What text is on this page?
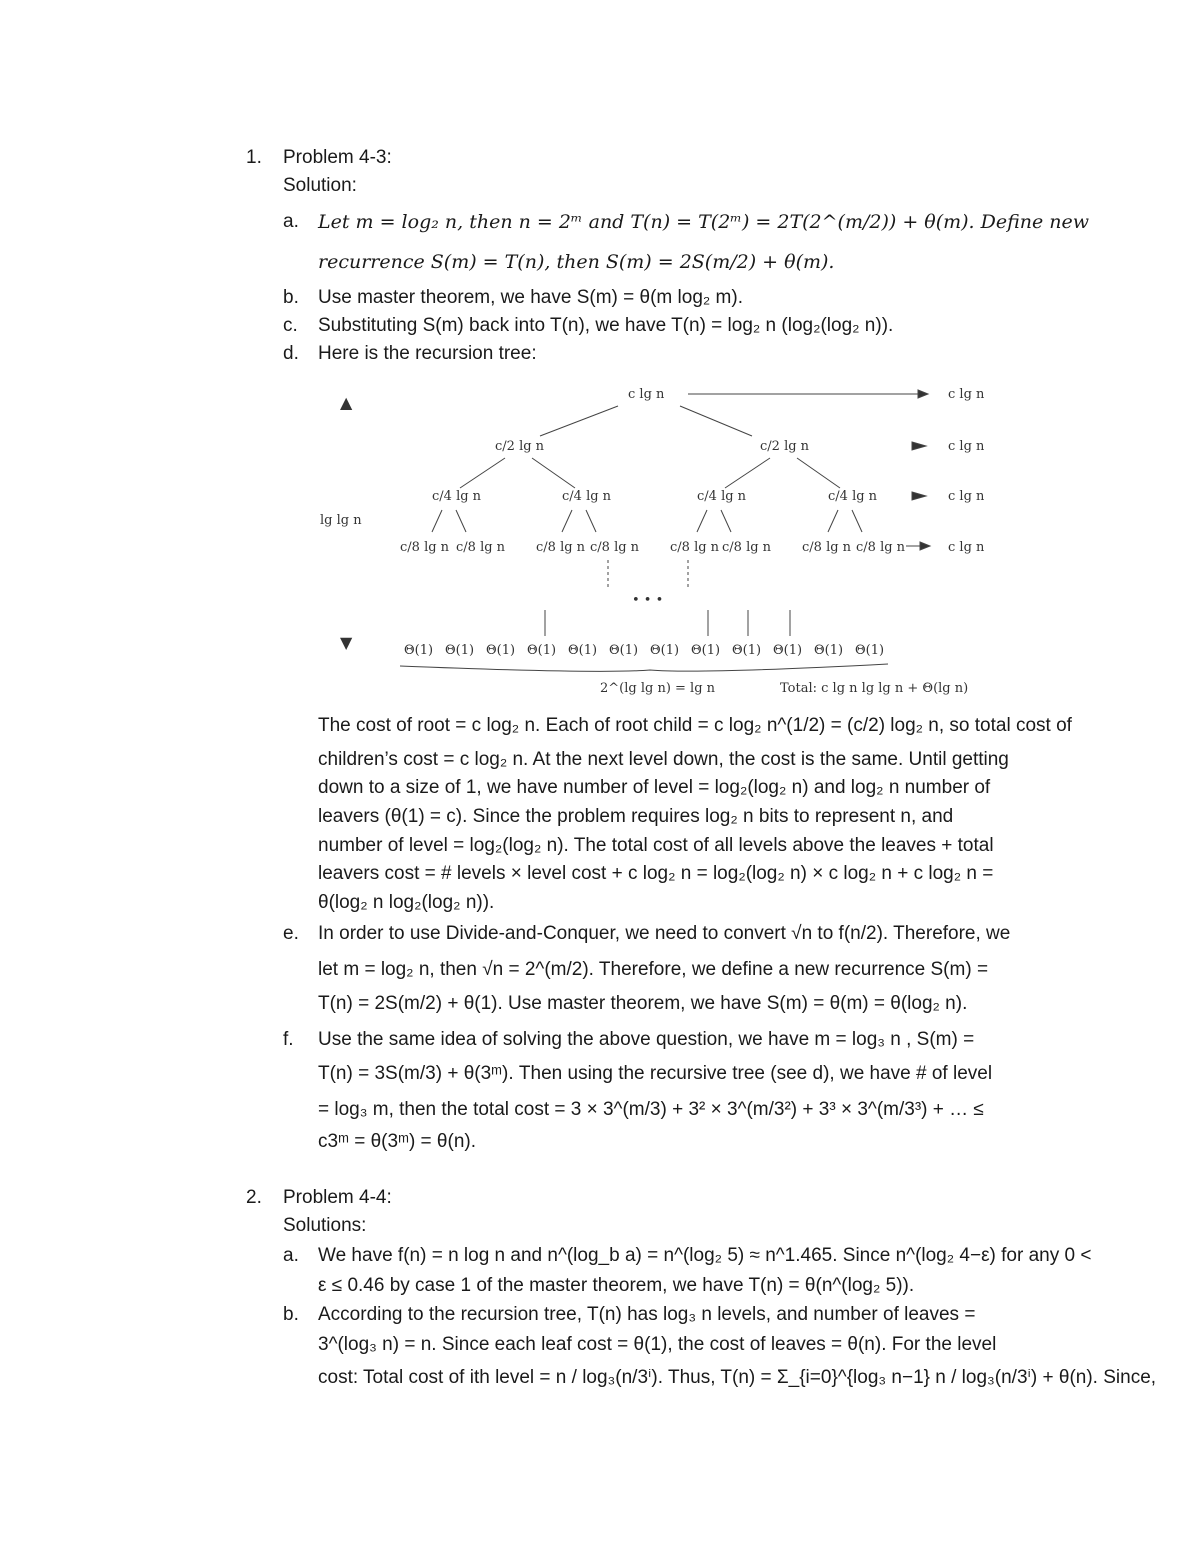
1. Problem 4-3:
Solution:
a. Let m = log₂ n, then n = 2ᵐ and T(n) = T(2ᵐ) = 2T(2^(m/2)) + θ(m). Define new
recurrence S(m) = T(n), then S(m) = 2S(m/2) + θ(m).
b. Use master theorem, we have S(m) = θ(m log₂ m).
c. Substituting S(m) back into T(n), we have T(n) = log₂ n (log₂(log₂ n)).
d. Here is the recursion tree:
▲
lg lg n
▼
c lg n	c lg n
c/2 lg n	c/2 lg n	c lg n
c/4 lg n	c/4 lg n	c/4 lg n	c/4 lg n	c lg n
c/8 lg n c/8 lg n c/8 lg n c/8 lg n c/8 lg n c/8 lg n c/8 lg n c/8 lg n	c lg n
• • •
Θ(1) Θ(1) Θ(1) Θ(1) Θ(1) Θ(1) Θ(1) Θ(1) Θ(1) Θ(1) Θ(1) Θ(1)
2^(lg lg n) = lg n	Total: c lg n lg lg n + Θ(lg n)
The cost of root = c log₂ n. Each of root child = c log₂ n^(1/2) = (c/2) log₂ n, so total cost of
children’s cost = c log₂ n. At the next level down, the cost is the same. Until getting
down to a size of 1, we have number of level = log₂(log₂ n) and log₂ n number of
leavers (θ(1) = c). Since the problem requires log₂ n bits to represent n, and
number of level = log₂(log₂ n). The total cost of all levels above the leaves + total
leavers cost = # levels × level cost + c log₂ n = log₂(log₂ n) × c log₂ n + c log₂ n =
θ(log₂ n log₂(log₂ n)).
e. In order to use Divide-and-Conquer, we need to convert √n to f(n/2). Therefore, we
let m = log₂ n, then √n = 2^(m/2). Therefore, we define a new recurrence S(m) =
T(n) = 2S(m/2) + θ(1). Use master theorem, we have S(m) = θ(m) = θ(log₂ n).
f. Use the same idea of solving the above question, we have m = log₃ n , S(m) =
T(n) = 3S(m/3) + θ(3ᵐ). Then using the recursive tree (see d), we have # of level
= log₃ m, then the total cost = 3 × 3^(m/3) + 3² × 3^(m/3²) + 3³ × 3^(m/3³) + … ≤
c3ᵐ = θ(3ᵐ) = θ(n).
2. Problem 4-4:
Solutions:
a. We have f(n) = n log n and n^(log_b a) = n^(log₂ 5) ≈ n^1.465. Since n^(log₂ 4−ε) for any 0 <
ε ≤ 0.46 by case 1 of the master theorem, we have T(n) = θ(n^(log₂ 5)).
b. According to the recursion tree, T(n) has log₃ n levels, and number of leaves =
3^(log₃ n) = n. Since each leaf cost = θ(1), the cost of leaves = θ(n). For the level
cost: Total cost of ith level = n / log₃(n/3ⁱ). Thus, T(n) = Σ_{i=0}^{log₃ n−1} n / log₃(n/3ⁱ) + θ(n). Since,
